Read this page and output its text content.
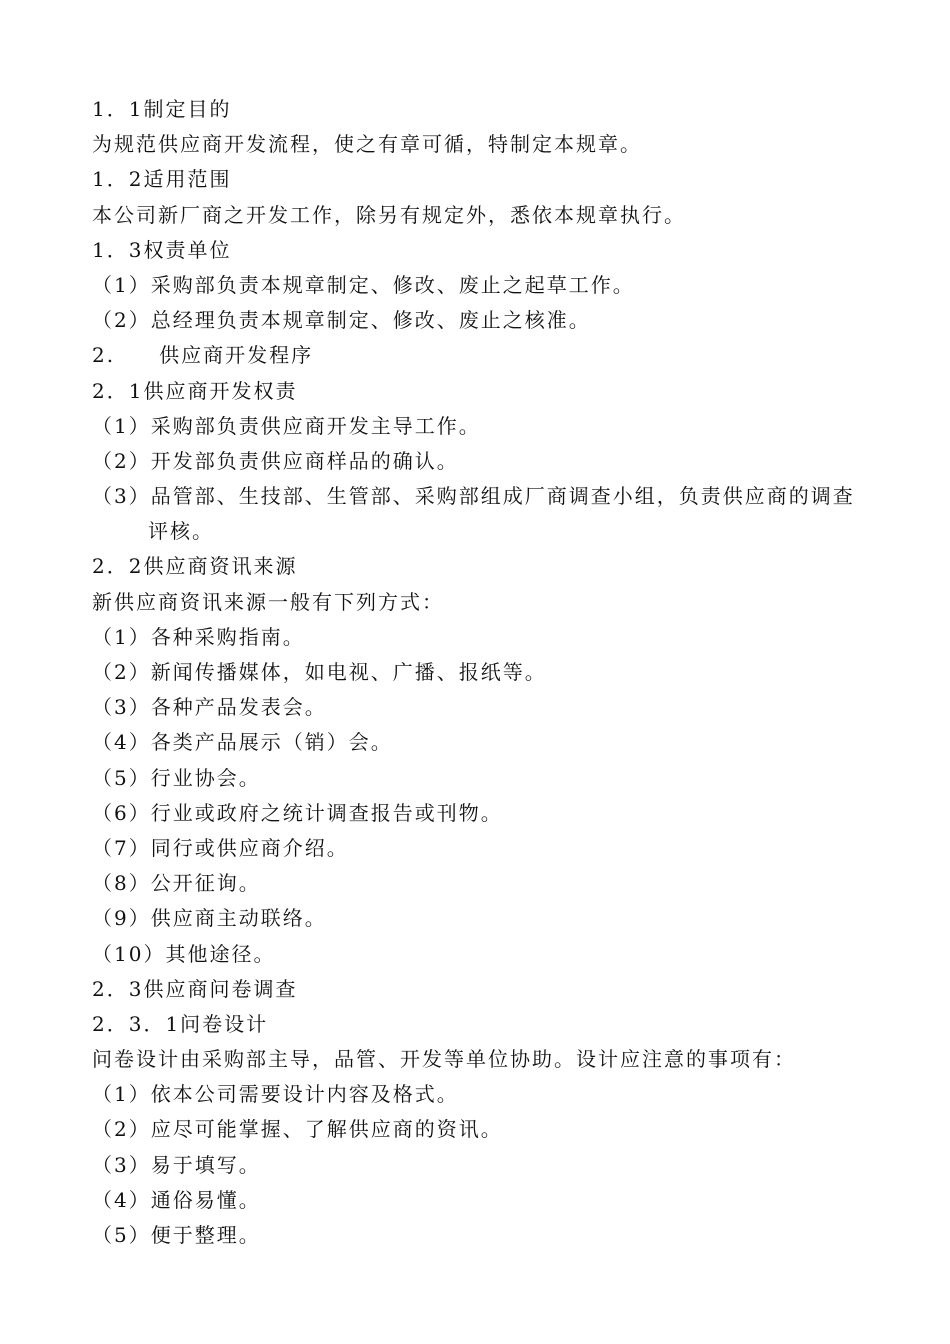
1．1制定目的
为规范供应商开发流程，使之有章可循，特制定本规章。
1．2适用范围
本公司新厂商之开发工作，除另有规定外，悉依本规章执行。
1．3权责单位
（1）采购部负责本规章制定、修改、废止之起草工作。
（2）总经理负责本规章制定、修改、废止之核准。
2. 供应商开发程序
2．1供应商开发权责
（1）采购部负责供应商开发主导工作。
（2）开发部负责供应商样品的确认。
（3）品管部、生技部、生管部、采购部组成厂商调查小组，负责供应商的调查评核。
2．2供应商资讯来源
新供应商资讯来源一般有下列方式：
（1）各种采购指南。
（2）新闻传播媒体，如电视、广播、报纸等。
（3）各种产品发表会。
（4）各类产品展示（销）会。
（5）行业协会。
（6）行业或政府之统计调查报告或刊物。
（7）同行或供应商介绍。
（8）公开征询。
（9）供应商主动联络。
（10）其他途径。
2．3供应商问卷调查
2．3．1问卷设计
问卷设计由采购部主导，品管、开发等单位协助。设计应注意的事项有：
（1）依本公司需要设计内容及格式。
（2）应尽可能掌握、了解供应商的资讯。
（3）易于填写。
（4）通俗易懂。
（5）便于整理。
